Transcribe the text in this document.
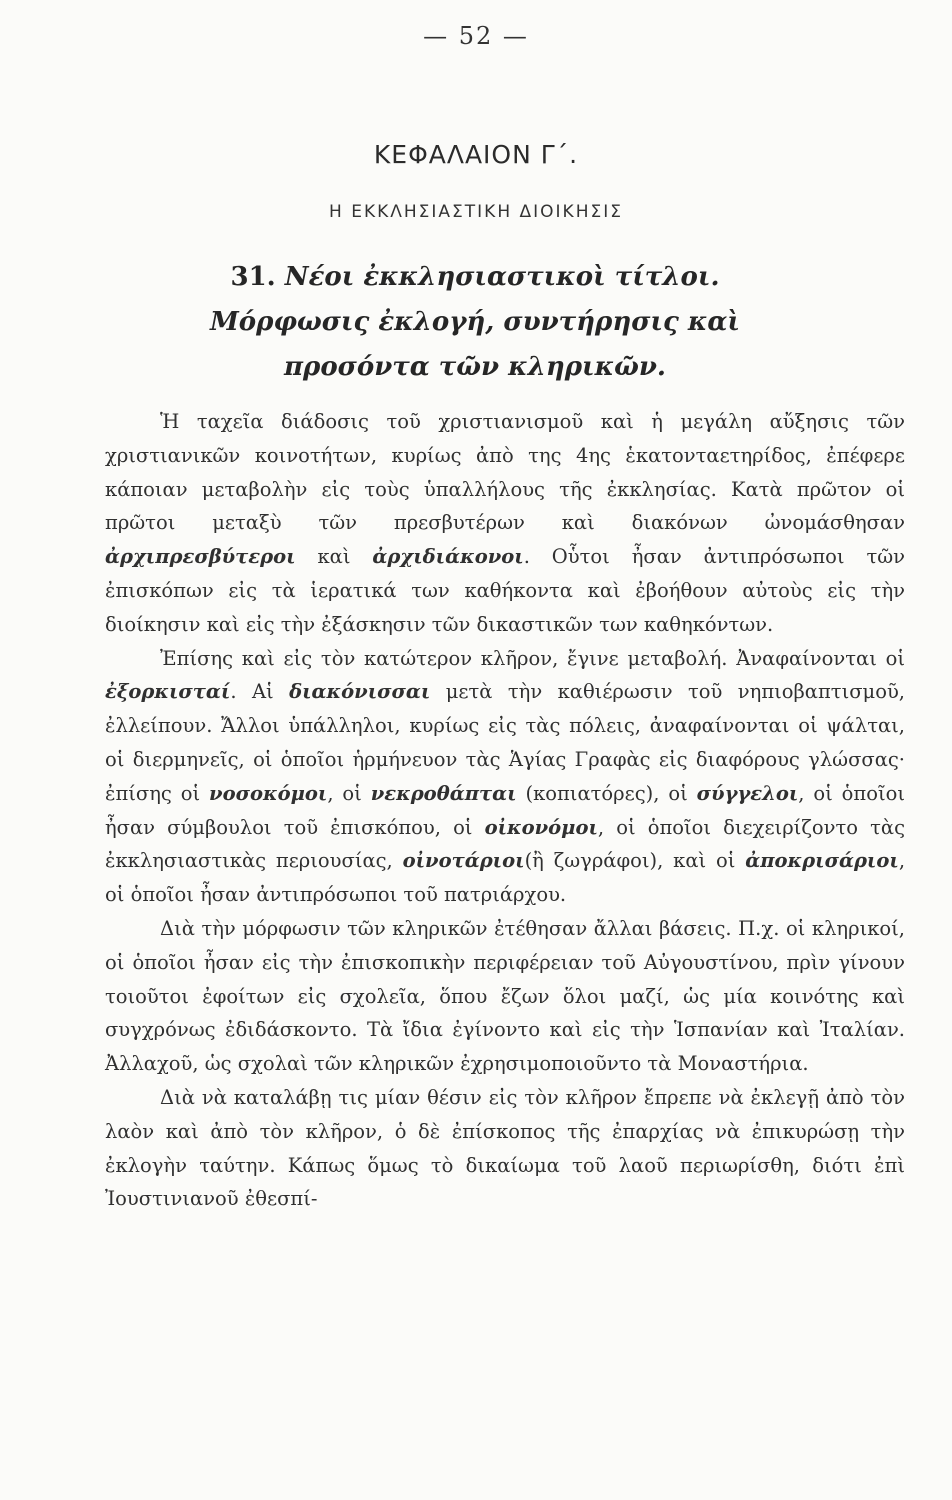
— 52 —
ΚΕΦΑΛΑΙΟΝ Γ΄.
Η ΕΚΚΛΗΣΙΑΣΤΙΚΗ ΔΙΟΙΚΗΣΙΣ
31. Νέοι ἐκκλησιαστικοὶ τίτλοι. Μόρφωσις ἐκλογή, συντήρησις καὶ προσόντα τῶν κληρικῶν.

Ἡ ταχεῖα διάδοσις τοῦ χριστιανισμοῦ καὶ ἡ μεγάλη αὔξησις τῶν χριστιανικῶν κοινοτήτων, κυρίως ἀπὸ της 4ης ἑκατονταετηρίδος, ἐπέφερε κάποιαν μεταβολὴν εἰς τοὺς ὑπαλλήλους τῆς ἐκκλησίας. Κατὰ πρῶτον οἱ πρῶτοι μεταξὺ τῶν πρεσβυτέρων καὶ διακόνων ὠνομάσθησαν ἀρχιπρεσβύτεροι καὶ ἀρχιδιάκονοι. Οὗτοι ἦσαν ἀντιπρόσωποι τῶν ἐπισκόπων εἰς τὰ ἱερατικά των καθήκοντα καὶ ἐβοήθουν αὐτοὺς εἰς τὴν διοίκησιν καὶ εἰς τὴν ἐξάσκησιν τῶν δικαστικῶν των καθηκόντων.

Ἐπίσης καὶ εἰς τὸν κατώτερον κλῆρον, ἔγινε μεταβολή. Ἀναφαίνονται οἱ ἐξορκισταί. Αἱ διακόνισσαι μετὰ τὴν καθιέρωσιν τοῦ νηπιοβαπτισμοῦ, ἐλλείπουν. Ἄλλοι ὑπάλληλοι, κυρίως εἰς τὰς πόλεις, ἀναφαίνονται οἱ ψάλται, οἱ διερμηνεῖς, οἱ ὁποῖοι ἡρμήνευον τὰς Ἁγίας Γραφὰς εἰς διαφόρους γλώσσας· ἐπίσης οἱ νοσοκόμοι, οἱ νεκροθάπται (κοπιατόρες), οἱ σύγγελοι, οἱ ὁποῖοι ἦσαν σύμβουλοι τοῦ ἐπισκόπου, οἱ οἰκονόμοι, οἱ ὁποῖοι διεχειρίζοντο τὰς ἐκκλησιαστικὰς περιουσίας, οἰνοτάριοι(ἢ ζωγράφοι), καὶ οἱ ἀποκρισάριοι, οἱ ὁποῖοι ἦσαν ἀντιπρόσωποι τοῦ πατριάρχου.

Διὰ τὴν μόρφωσιν τῶν κληρικῶν ἐτέθησαν ἄλλαι βάσεις. Π.χ. οἱ κληρικοί, οἱ ὁποῖοι ἦσαν εἰς τὴν ἐπισκοπικὴν περιφέρειαν τοῦ Αὐγουστίνου, πρὶν γίνουν τοιοῦτοι ἐφοίτων εἰς σχολεῖα, ὅπου ἔζων ὅλοι μαζί, ὡς μία κοινότης καὶ συγχρόνως ἐδιδάσκοντο. Τὰ ἴδια ἐγίνοντο καὶ εἰς τὴν Ἱσπανίαν καὶ Ἰταλίαν. Ἀλλαχοῦ, ὡς σχολαὶ τῶν κληρικῶν ἐχρησιμοποιοῦντο τὰ Μοναστήρια.

Διὰ νὰ καταλάβῃ τις μίαν θέσιν εἰς τὸν κλῆρον ἔπρεπε νὰ ἐκλεγῇ ἀπὸ τὸν λαὸν καὶ ἀπὸ τὸν κλῆρον, ὁ δὲ ἐπίσκοπος τῆς ἐπαρχίας νὰ ἐπικυρώσῃ τὴν ἐκλογὴν ταύτην. Κάπως ὅμως τὸ δικαίωμα τοῦ λαοῦ περιωρίσθη, διότι ἐπὶ Ἰουστινιανοῦ ἐθεσπί-
